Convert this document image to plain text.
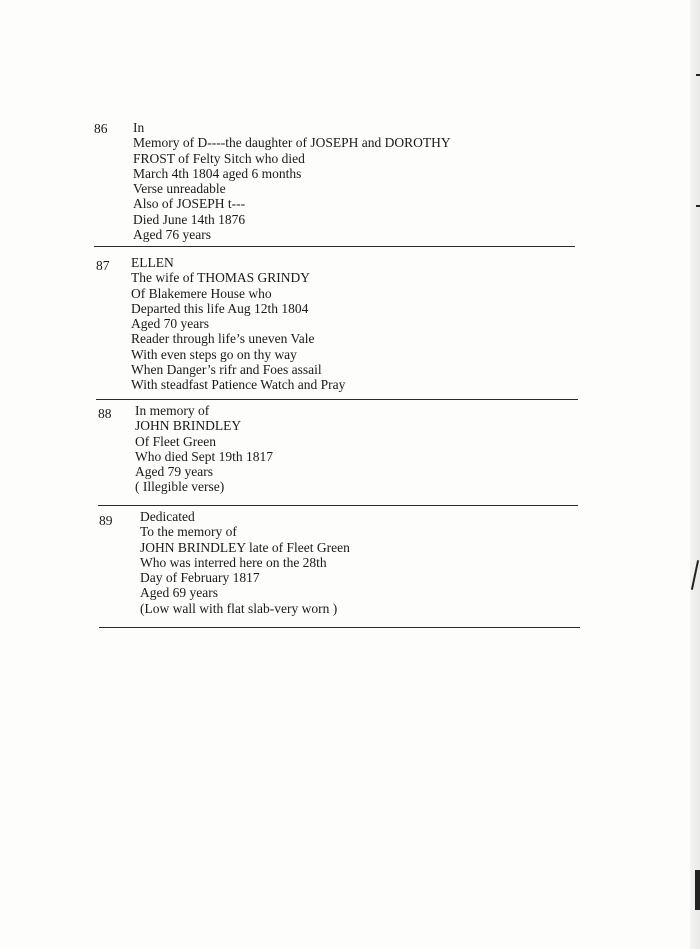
86 In
Memory of D----the daughter of JOSEPH and DOROTHY
FROST of Felty Sitch who died
March 4th 1804 aged 6 months
Verse unreadable
Also of JOSEPH t---
Died June 14th 1876
Aged 76 years
87 ELLEN
The wife of THOMAS GRINDY
Of Blakemere House who
Departed this life Aug 12th 1804
Aged 70 years
Reader through life’s uneven Vale
With even steps go on thy way
When Danger’s rifr and Foes assail
With steadfast Patience Watch and Pray
88 In memory of
JOHN BRINDLEY
Of Fleet Green
Who died Sept 19th 1817
Aged 79 years
( Illegible verse)
89 Dedicated
To the memory of
JOHN BRINDLEY late of Fleet Green
Who was interred here on the 28th
Day of February 1817
Aged 69 years
(Low wall with flat slab-very worn )
